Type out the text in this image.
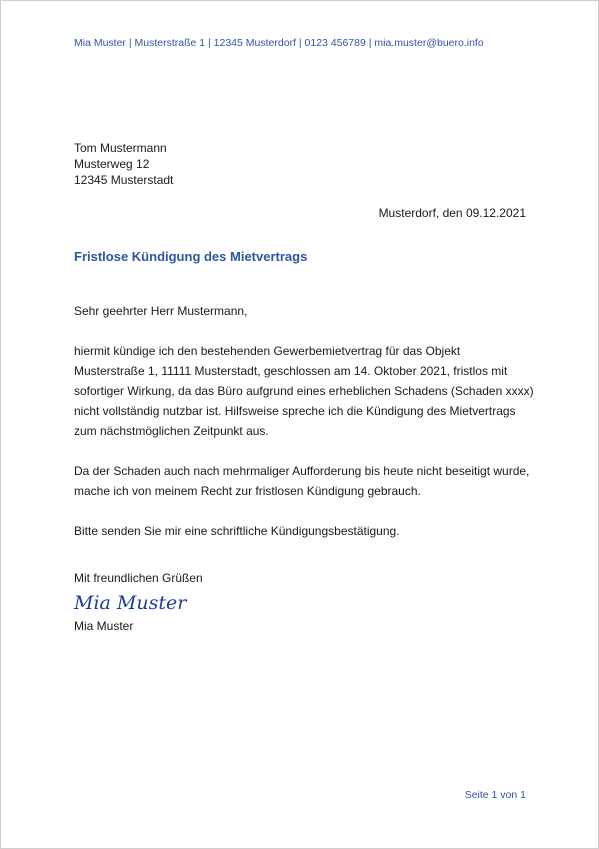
Mia Muster | Musterstraße 1 | 12345 Musterdorf | 0123 456789 | mia.muster@buero.info
Tom Mustermann
Musterweg 12
12345 Musterstadt
Musterdorf, den 09.12.2021
Fristlose Kündigung des Mietvertrags

Sehr geehrter Herr Mustermann,

hiermit kündige ich den bestehenden Gewerbemietvertrag für das Objekt Musterstraße 1, 11111 Musterstadt, geschlossen am 14. Oktober 2021, fristlos mit sofortiger Wirkung, da das Büro aufgrund eines erheblichen Schadens (Schaden xxxx) nicht vollständig nutzbar ist. Hilfsweise spreche ich die Kündigung des Mietvertrags zum nächstmöglichen Zeitpunkt aus.

Da der Schaden auch nach mehrmaliger Aufforderung bis heute nicht beseitigt wurde, mache ich von meinem Recht zur fristlosen Kündigung gebrauch.

Bitte senden Sie mir eine schriftliche Kündigungsbestätigung.

Mit freundlichen Grüßen
Mia Muster
Mia Muster
Seite 1 von 1
